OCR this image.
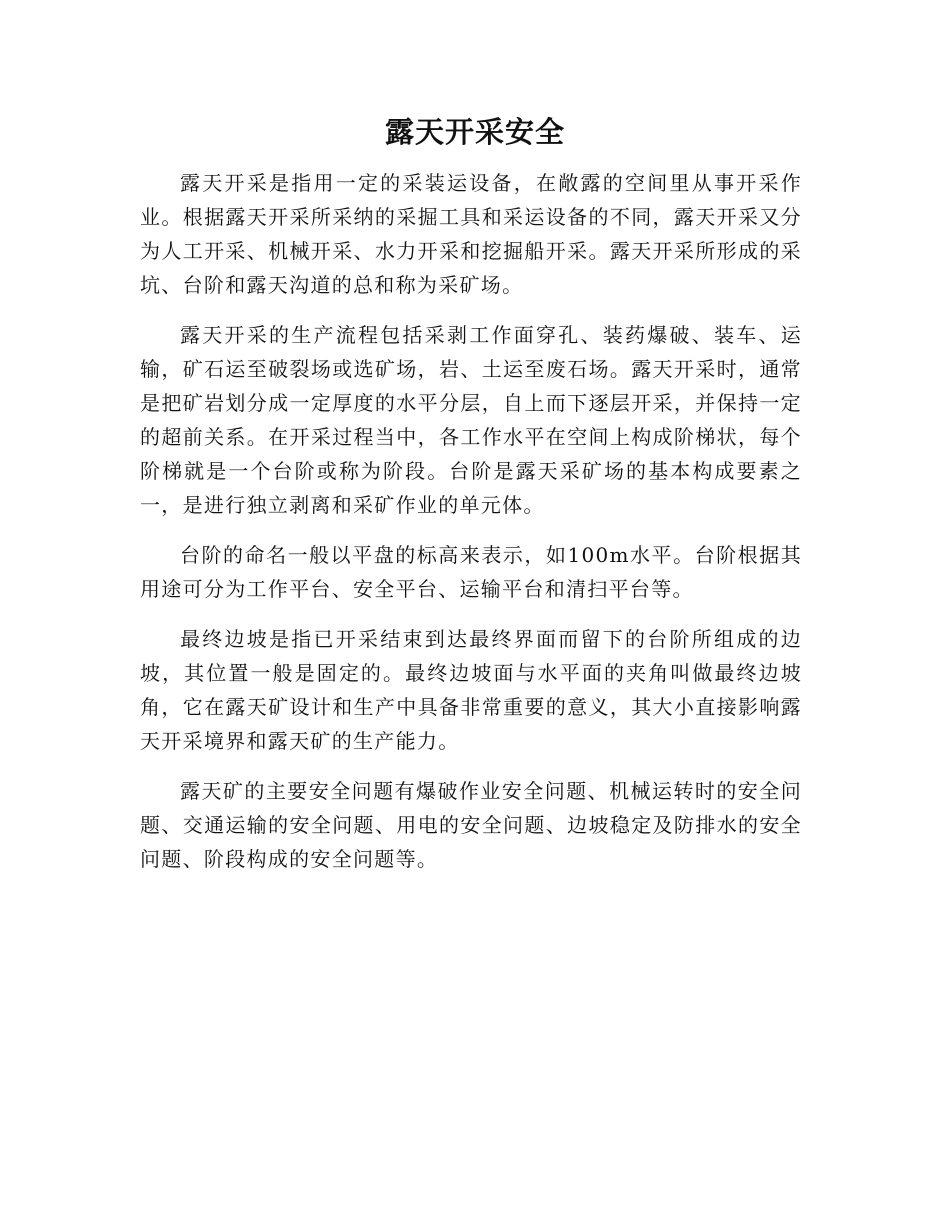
露天开采安全

露天开采是指用一定的采装运设备，在敞露的空间里从事开采作业。根据露天开采所采纳的采掘工具和采运设备的不同，露天开采又分为人工开采、机械开采、水力开采和挖掘船开采。露天开采所形成的采坑、台阶和露天沟道的总和称为采矿场。

露天开采的生产流程包括采剥工作面穿孔、装药爆破、装车、运输，矿石运至破裂场或选矿场，岩、土运至废石场。露天开采时，通常是把矿岩划分成一定厚度的水平分层，自上而下逐层开采，并保持一定的超前关系。在开采过程当中，各工作水平在空间上构成阶梯状，每个阶梯就是一个台阶或称为阶段。台阶是露天采矿场的基本构成要素之一，是进行独立剥离和采矿作业的单元体。

台阶的命名一般以平盘的标高来表示，如100m水平。台阶根据其用途可分为工作平台、安全平台、运输平台和清扫平台等。

最终边坡是指已开采结束到达最终界面而留下的台阶所组成的边坡，其位置一般是固定的。最终边坡面与水平面的夹角叫做最终边坡角，它在露天矿设计和生产中具备非常重要的意义，其大小直接影响露天开采境界和露天矿的生产能力。

露天矿的主要安全问题有爆破作业安全问题、机械运转时的安全问题、交通运输的安全问题、用电的安全问题、边坡稳定及防排水的安全问题、阶段构成的安全问题等。
